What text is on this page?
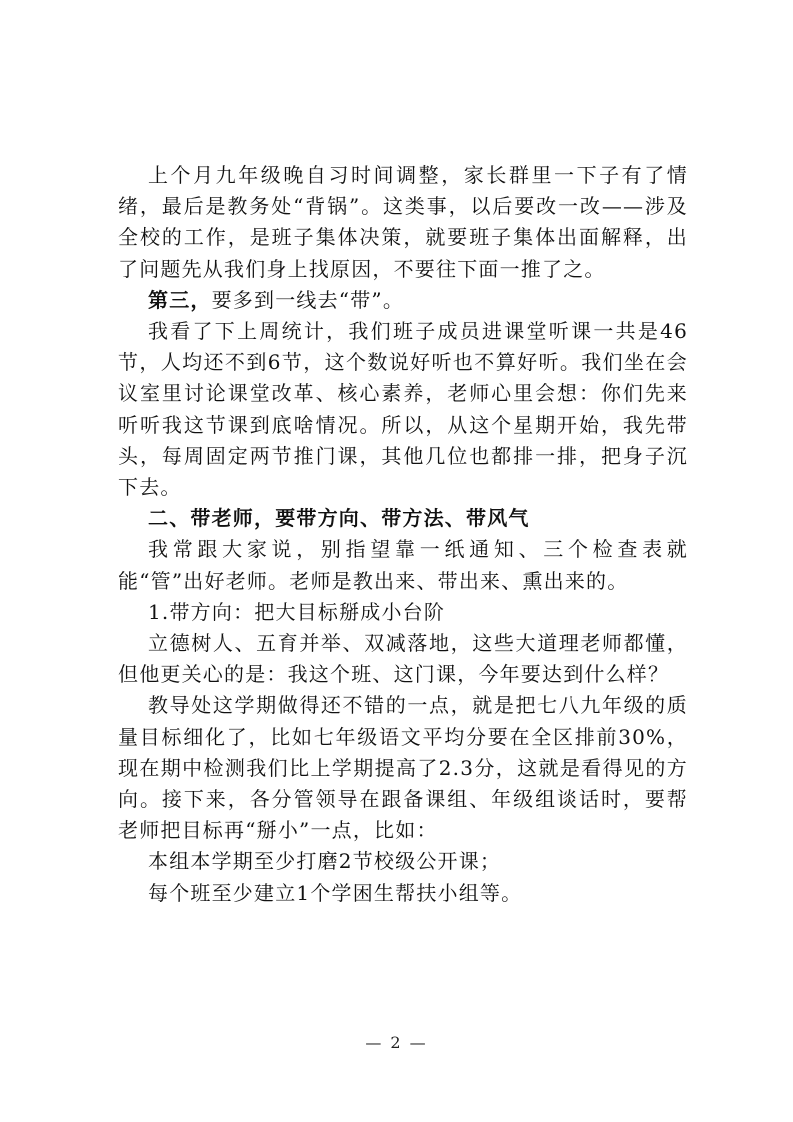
上个月九年级晚自习时间调整，家长群里一下子有了情绪，最后是教务处“背锅”。这类事，以后要改一改——涉及全校的工作，是班子集体决策，就要班子集体出面解释，出了问题先从我们身上找原因，不要往下面一推了之。

第三，要多到一线去“带”。

我看了下上周统计，我们班子成员进课堂听课一共是46节，人均还不到6节，这个数说好听也不算好听。我们坐在会议室里讨论课堂改革、核心素养，老师心里会想：你们先来听听我这节课到底啥情况。所以，从这个星期开始，我先带头，每周固定两节推门课，其他几位也都排一排，把身子沉下去。

二、带老师，要带方向、带方法、带风气

我常跟大家说，别指望靠一纸通知、三个检查表就能“管”出好老师。老师是教出来、带出来、熏出来的。

1.带方向：把大目标掰成小台阶

立德树人、五育并举、双减落地，这些大道理老师都懂，但他更关心的是：我这个班、这门课，今年要达到什么样？

教导处这学期做得还不错的一点，就是把七八九年级的质量目标细化了，比如七年级语文平均分要在全区排前30%，现在期中检测我们比上学期提高了2.3分，这就是看得见的方向。接下来，各分管领导在跟备课组、年级组谈话时，要帮老师把目标再“掰小”一点，比如：

本组本学期至少打磨2节校级公开课；

每个班至少建立1个学困生帮扶小组等。

— 2 —
